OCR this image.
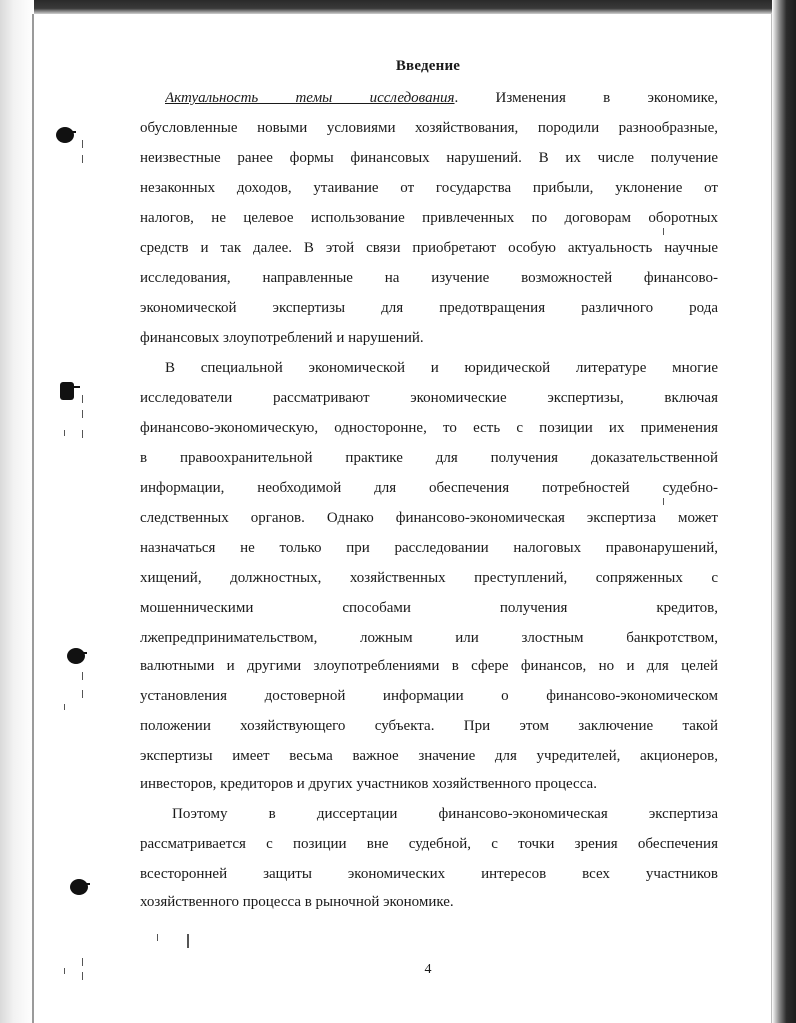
Введение
Актуальность темы исследования. Изменения в экономике,
обусловленные новыми условиями хозяйствования, породили разнообразные,
неизвестные ранее формы финансовых нарушений. В их числе получение
незаконных доходов, утаивание от государства прибыли, уклонение от
налогов, не целевое использование привлеченных по договорам оборотных
средств и так далее. В этой связи приобретают особую актуальность научные
исследования, направленные на изучение возможностей финансово-
экономической экспертизы для предотвращения различного рода
финансовых злоупотреблений и нарушений.
В специальной экономической и юридической литературе многие
исследователи рассматривают экономические экспертизы, включая
финансово-экономическую, односторонне, то есть с позиции их применения
в правоохранительной практике для получения доказательственной
информации, необходимой для обеспечения потребностей судебно-
следственных органов. Однако финансово-экономическая экспертиза может
назначаться не только при расследовании налоговых правонарушений,
хищений, должностных, хозяйственных преступлений, сопряженных с
мошенническими способами получения кредитов,
лжепредпринимательством, ложным или злостным банкротством,
валютными и другими злоупотреблениями в сфере финансов, но и для целей
установления достоверной информации о финансово-экономическом
положении хозяйствующего субъекта. При этом заключение такой
экспертизы имеет весьма важное значение для учредителей, акционеров,
инвесторов, кредиторов и других участников хозяйственного процесса.
Поэтому в диссертации финансово-экономическая экспертиза
рассматривается с позиции вне судебной, с точки зрения обеспечения
всесторонней защиты экономических интересов всех участников
хозяйственного процесса в рыночной экономике.
4
